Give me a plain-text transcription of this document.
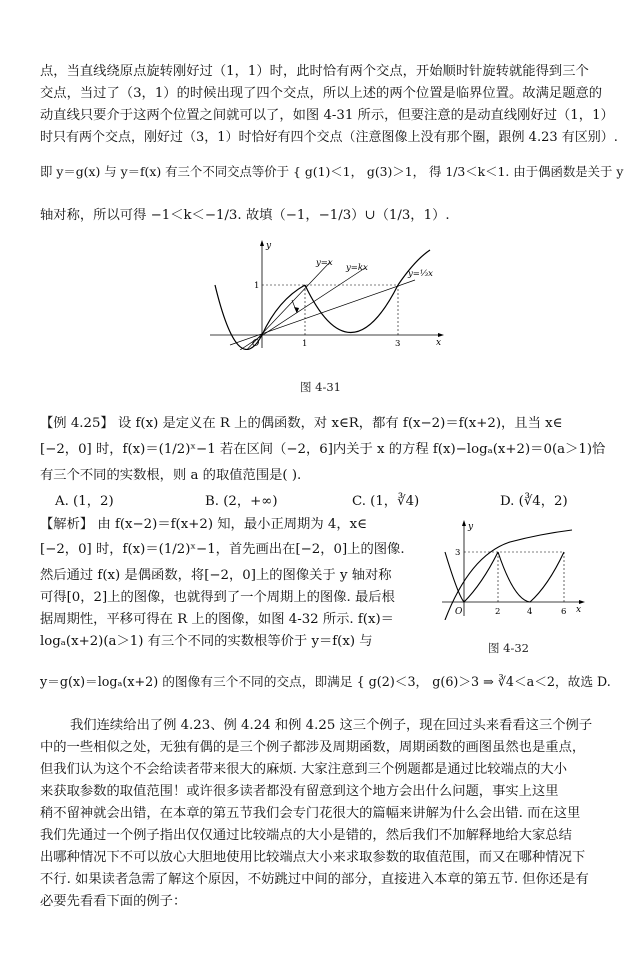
点，当直线绕原点旋转刚好过（1，1）时，此时恰有两个交点，开始顺时针旋转就能得到三个
交点，当过了（3，1）的时候出现了四个交点，所以上述的两个位置是临界位置。故满足题意的
动直线只要介于这两个位置之间就可以了，如图 4-31 所示，但要注意的是动直线刚好过（1，1）
时只有两个交点，刚好过（3，1）时恰好有四个交点（注意图像上没有那个圈，跟例 4.23 有区别）.
即 y＝g(x) 与 y＝f(x) 有三个不同交点等价于 { g(1)＜1， g(3)＞1， 得 1/3＜k＜1. 由于偶函数是关于 y
轴对称，所以可得 −1＜k＜−1/3. 故填（−1，−1/3）∪（1/3，1）.
y
x
O
y=x y=kx
y=⅓x
1	3
1
图 4-31
【例 4.25】 设 f(x) 是定义在 R 上的偶函数，对 x∈R，都有 f(x−2)＝f(x+2)，且当 x∈
[−2，0] 时，f(x)＝(1/2)ˣ−1 若在区间（−2，6]内关于 x 的方程 f(x)−logₐ(x+2)＝0(a＞1)恰
有三个不同的实数根，则 a 的取值范围是( ).
A. (1，2)	B. (2，+∞)	C. (1，∛4)	D. (∛4，2)
【解析】 由 f(x−2)＝f(x+2) 知，最小正周期为 4，x∈
[−2，0] 时，f(x)＝(1/2)ˣ−1，首先画出在[−2，0]上的图像.
然后通过 f(x) 是偶函数，将[−2，0]上的图像关于 y 轴对称
可得[0，2]上的图像，也就得到了一个周期上的图像. 最后根
据周期性，平移可得在 R 上的图像，如图 4-32 所示. f(x)＝
logₐ(x+2)(a＞1) 有三个不同的实数根等价于 y＝f(x) 与
y＝g(x)＝logₐ(x+2) 的图像有三个不同的交点，即满足 { g(2)＜3， g(6)＞3 ⇒ ∛4＜a＜2，故选 D.
y
x
O
3
2	4	6
图 4-32
我们连续给出了例 4.23、例 4.24 和例 4.25 这三个例子，现在回过头来看看这三个例子
中的一些相似之处，无独有偶的是三个例子都涉及周期函数，周期函数的画图虽然也是重点，
但我们认为这个不会给读者带来很大的麻烦. 大家注意到三个例题都是通过比较端点的大小
来获取参数的取值范围！或许很多读者都没有留意到这个地方会出什么问题，事实上这里
稍不留神就会出错，在本章的第五节我们会专门花很大的篇幅来讲解为什么会出错. 而在这里
我们先通过一个例子指出仅仅通过比较端点的大小是错的，然后我们不加解释地给大家总结
出哪种情况下不可以放心大胆地使用比较端点大小来求取参数的取值范围，而又在哪种情况下
不行. 如果读者急需了解这个原因，不妨跳过中间的部分，直接进入本章的第五节. 但你还是有
必要先看看下面的例子：
